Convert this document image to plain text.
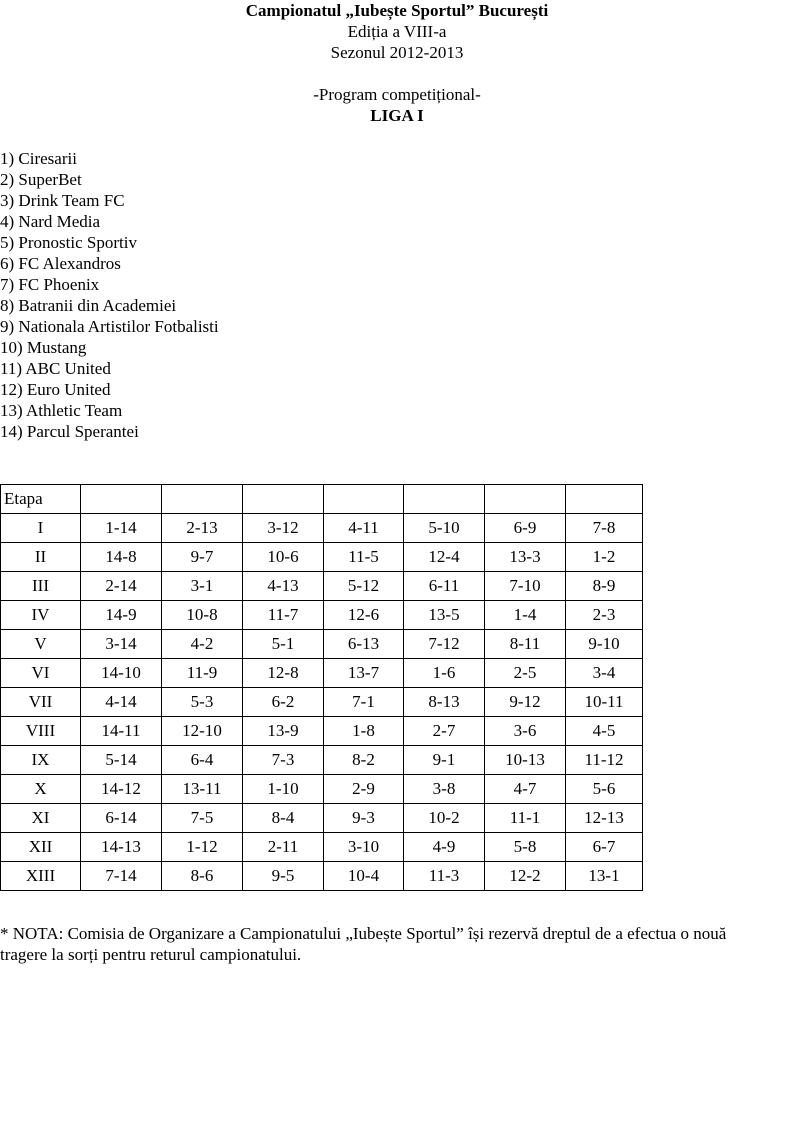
Campionatul „Iubește Sportul” București
Ediția a VIII-a
Sezonul 2012-2013
-Program competițional-
LIGA I
1) Ciresarii
2) SuperBet
3) Drink Team FC
4) Nard Media
5) Pronostic Sportiv
6) FC Alexandros
7) FC Phoenix
8) Batranii din Academiei
9) Nationala Artistilor Fotbalisti
10) Mustang
11) ABC United
12) Euro United
13) Athletic Team
14) Parcul Sperantei
Etapa							
I	1-14	2-13	3-12	4-11	5-10	6-9	7-8
II	14-8	9-7	10-6	11-5	12-4	13-3	1-2
III	2-14	3-1	4-13	5-12	6-11	7-10	8-9
IV	14-9	10-8	11-7	12-6	13-5	1-4	2-3
V	3-14	4-2	5-1	6-13	7-12	8-11	9-10
VI	14-10	11-9	12-8	13-7	1-6	2-5	3-4
VII	4-14	5-3	6-2	7-1	8-13	9-12	10-11
VIII	14-11	12-10	13-9	1-8	2-7	3-6	4-5
IX	5-14	6-4	7-3	8-2	9-1	10-13	11-12
X	14-12	13-11	1-10	2-9	3-8	4-7	5-6
XI	6-14	7-5	8-4	9-3	10-2	11-1	12-13
XII	14-13	1-12	2-11	3-10	4-9	5-8	6-7
XIII	7-14	8-6	9-5	10-4	11-3	12-2	13-1
* NOTA: Comisia de Organizare a Campionatului „Iubește Sportul” își rezervă dreptul de a efectua o nouă
tragere la sorți pentru returul campionatului.
